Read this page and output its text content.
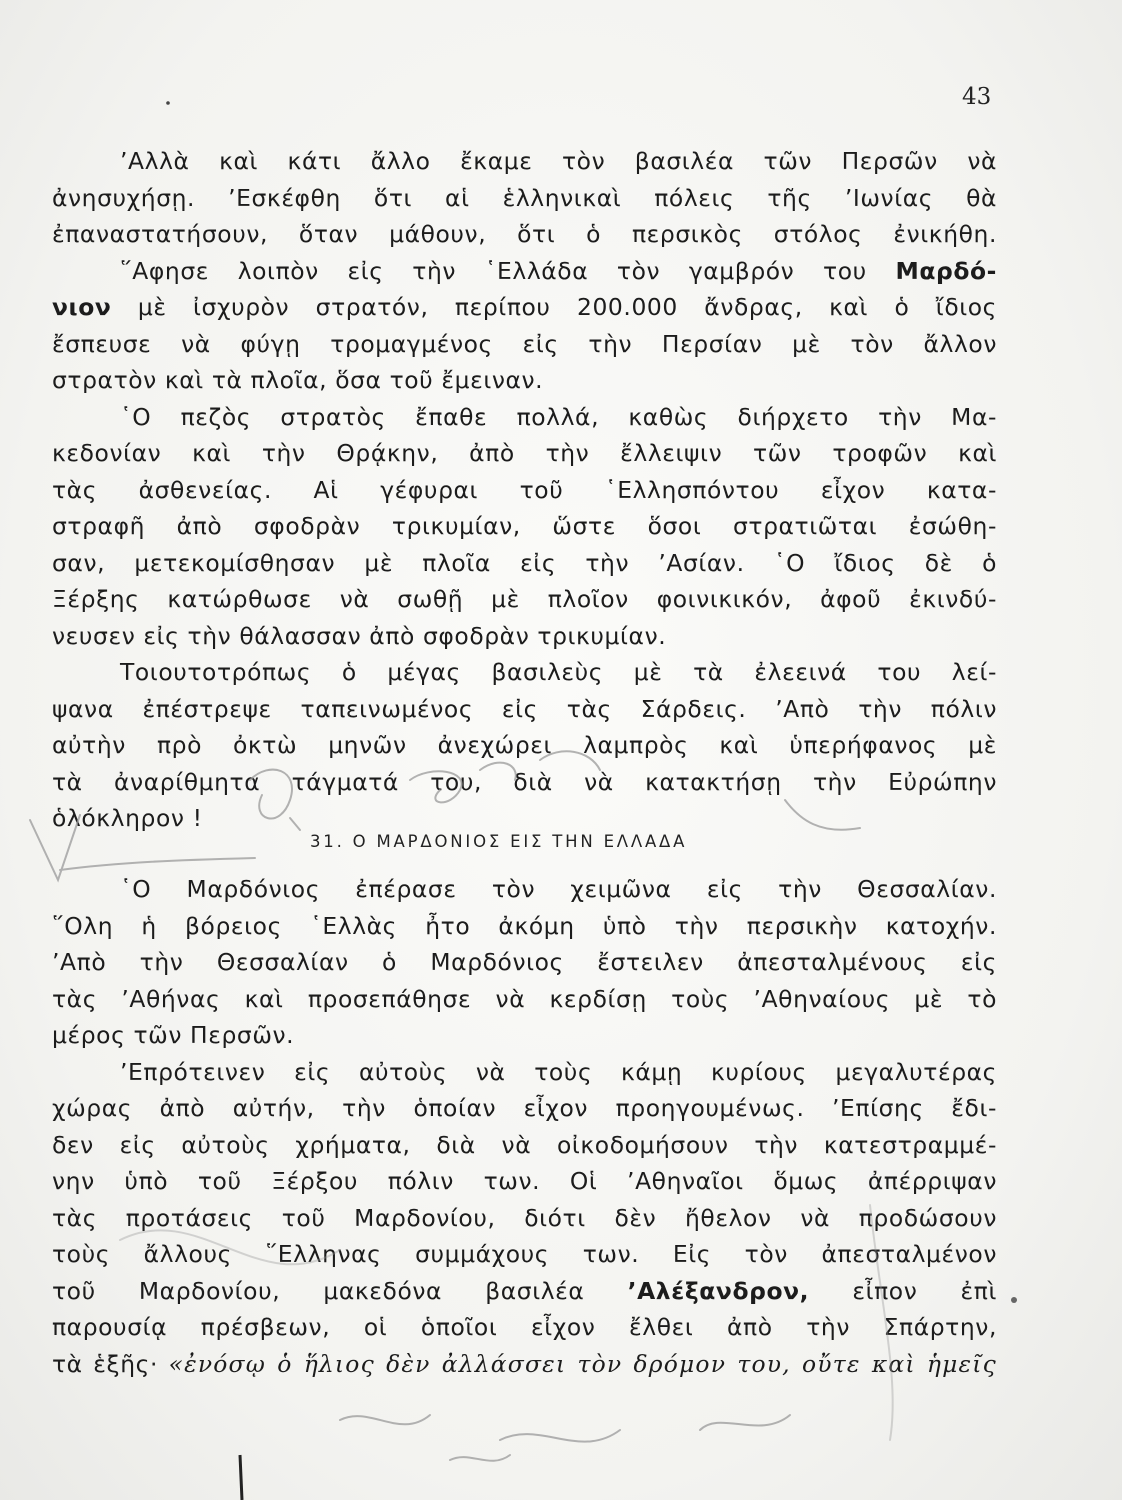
43
’Αλλὰ καὶ κάτι ἄλλο ἔκαμε τὸν βασιλέα τῶν Περσῶν νὰ
ἀνησυχήσῃ. ’Εσκέφθη ὅτι αἱ ἑλληνικαὶ πόλεις τῆς ’Ιωνίας θὰ
ἐπαναστατήσουν, ὅταν μάθουν, ὅτι ὁ περσικὸς στόλος ἐνικήθη.
῞Αφησε λοιπὸν εἰς τὴν ῾Ελλάδα τὸν γαμβρόν του Μαρδό-
νιον μὲ ἰσχυρὸν στρατόν, περίπου 200.000 ἄνδρας, καὶ ὁ ἴδιος
ἔσπευσε νὰ φύγῃ τρομαγμένος εἰς τὴν Περσίαν μὲ τὸν ἄλλον
στρατὸν καὶ τὰ πλοῖα, ὅσα τοῦ ἔμειναν.
῾Ο πεζὸς στρατὸς ἔπαθε πολλά, καθὼς διήρχετο τὴν Μα-
κεδονίαν καὶ τὴν Θρᾴκην, ἀπὸ τὴν ἔλλειψιν τῶν τροφῶν καὶ
τὰς ἀσθενείας. Αἱ γέφυραι τοῦ ῾Ελλησπόντου εἶχον κατα-
στραφῆ ἀπὸ σφοδρὰν τρικυμίαν, ὥστε ὅσοι στρατιῶται ἐσώθη-
σαν, μετεκομίσθησαν μὲ πλοῖα εἰς τὴν ’Ασίαν. ῾Ο ἴδιος δὲ ὁ
Ξέρξης κατώρθωσε νὰ σωθῇ μὲ πλοῖον φοινικικόν, ἀφοῦ ἐκινδύ-
νευσεν εἰς τὴν θάλασσαν ἀπὸ σφοδρὰν τρικυμίαν.
Τοιουτοτρόπως ὁ μέγας βασιλεὺς μὲ τὰ ἐλεεινά του λεί-
ψανα ἐπέστρεψε ταπεινωμένος εἰς τὰς Σάρδεις. ’Απὸ τὴν πόλιν
αὐτὴν πρὸ ὀκτὼ μηνῶν ἀνεχώρει λαμπρὸς καὶ ὑπερήφανος μὲ
τὰ ἀναρίθμητα τάγματά του, διὰ νὰ κατακτήσῃ τὴν Εὐρώπην
ὁλόκληρον !
31. Ο ΜΑΡΔΟΝΙΟΣ ΕΙΣ ΤΗΝ ΕΛΛΑΔΑ
῾Ο Μαρδόνιος ἐπέρασε τὸν χειμῶνα εἰς τὴν Θεσσαλίαν.
῞Ολη ἡ βόρειος ῾Ελλὰς ἦτο ἀκόμη ὑπὸ τὴν περσικὴν κατοχήν.
’Απὸ τὴν Θεσσαλίαν ὁ Μαρδόνιος ἔστειλεν ἀπεσταλμένους εἰς
τὰς ’Αθήνας καὶ προσεπάθησε νὰ κερδίσῃ τοὺς ’Αθηναίους μὲ τὸ
μέρος τῶν Περσῶν.
’Επρότεινεν εἰς αὐτοὺς νὰ τοὺς κάμῃ κυρίους μεγαλυτέρας
χώρας ἀπὸ αὐτήν, τὴν ὁποίαν εἶχον προηγουμένως. ’Επίσης ἔδι-
δεν εἰς αὐτοὺς χρήματα, διὰ νὰ οἰκοδομήσουν τὴν κατεστραμμέ-
νην ὑπὸ τοῦ Ξέρξου πόλιν των. Οἱ ’Αθηναῖοι ὅμως ἀπέρριψαν
τὰς προτάσεις τοῦ Μαρδονίου, διότι δὲν ἤθελον νὰ προδώσουν
τοὺς ἄλλους ῞Ελληνας συμμάχους των. Εἰς τὸν ἀπεσταλμένον
τοῦ Μαρδονίου, μακεδόνα βασιλέα ’Αλέξανδρον, εἶπον ἐπὶ
παρουσίᾳ πρέσβεων, οἱ ὁποῖοι εἶχον ἔλθει ἀπὸ τὴν Σπάρτην,
τὰ ἑξῆς· «ἐνόσῳ ὁ ἥλιος δὲν ἀλλάσσει τὸν δρόμον του, οὔτε καὶ ἡμεῖς
